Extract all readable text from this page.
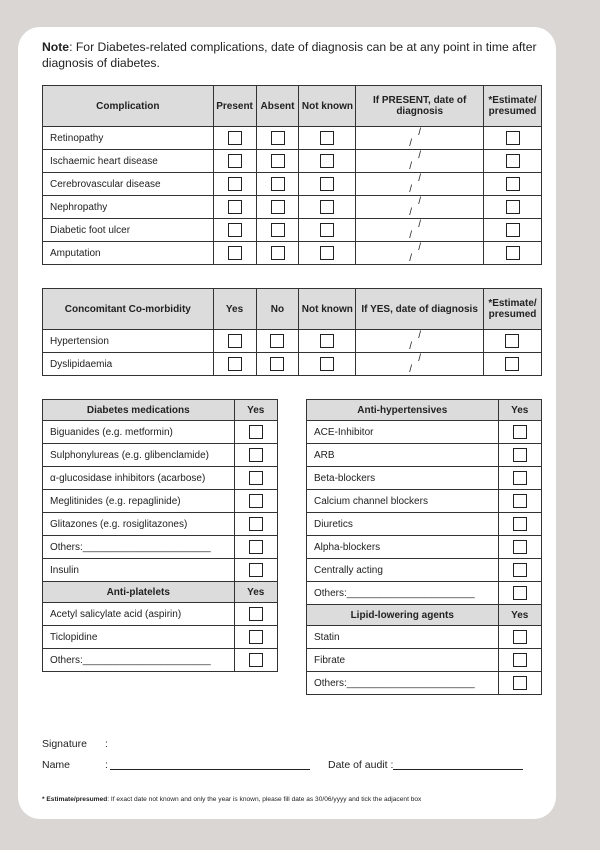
Note: For Diabetes-related complications, date of diagnosis can be at any point in time after diagnosis of diabetes.
Complication	Present	Absent	Not known	If PRESENT, date of diagnosis	*Estimate/ presumed
Retinopathy				//	
Ischaemic heart disease				//	
Cerebrovascular disease				//	
Nephropathy				//	
Diabetic foot ulcer				//	
Amputation				//	
Concomitant Co-morbidity	Yes	No	Not known	If YES, date of diagnosis	*Estimate/ presumed
Hypertension				//	
Dyslipidaemia				//	
Diabetes medications	Yes
Biguanides (e.g. metformin)	
Sulphonylureas (e.g. glibenclamide)	
α-glucosidase inhibitors (acarbose)	
Meglitinides (e.g. repaglinide)	
Glitazones (e.g. rosiglitazones)	
Others:_______________________	
Insulin	
Anti-platelets	Yes
Acetyl salicylate acid (aspirin)	
Ticlopidine	
Others:_______________________	
Anti-hypertensives	Yes
ACE-Inhibitor	
ARB	
Beta-blockers	
Calcium channel blockers	
Diuretics	
Alpha-blockers	
Centrally acting	
Others:_______________________	
Lipid-lowering agents	Yes
Statin	
Fibrate	
Others:_______________________	
Signature :
Name	:	Date of audit :
* Estimate/presumed: If exact date not known and only the year is known, please fill date as 30/06/yyyy and tick the adjacent box
